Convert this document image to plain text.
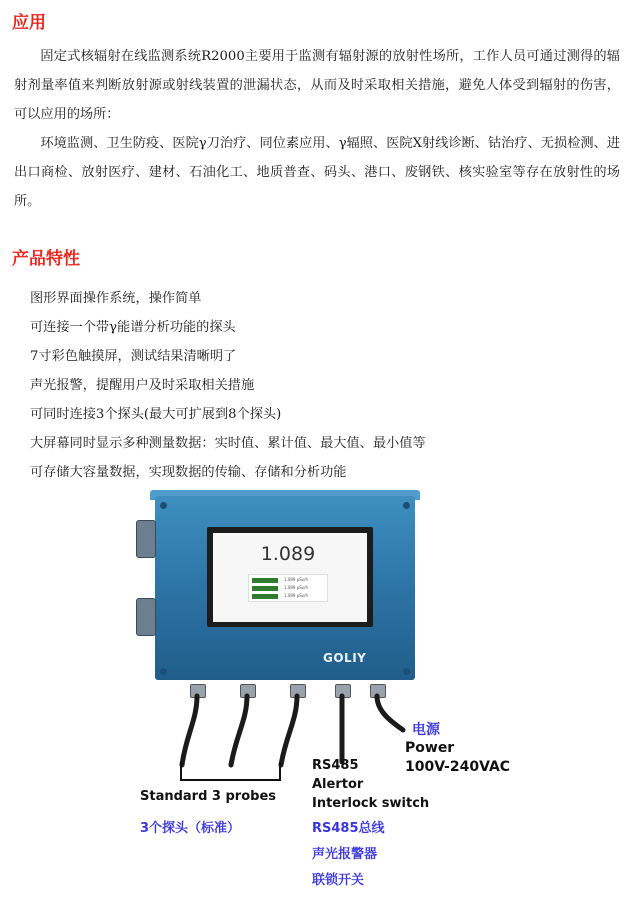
应用

固定式核辐射在线监测系统R2000主要用于监测有辐射源的放射性场所，工作人员可通过测得的辐射剂量率值来判断放射源或射线装置的泄漏状态，从而及时采取相关措施，避免人体受到辐射的伤害，可以应用的场所：

环境监测、卫生防疫、医院γ刀治疗、同位素应用、γ辐照、医院X射线诊断、钴治疗、无损检测、进出口商检、放射医疗、建材、石油化工、地质普查、码头、港口、废钢铁、核实验室等存在放射性的场所。

产品特性
图形界面操作系统，操作简单
可连接一个带γ能谱分析功能的探头
7寸彩色触摸屏，测试结果清晰明了
声光报警，提醒用户及时采取相关措施
可同时连接3个探头(最大可扩展到8个探头)
大屏幕同时显示多种测量数据：实时值、累计值、最大值、最小值等
可存储大容量数据，实现数据的传输、存储和分析功能
1.089
1.089 μSv/h
1.089 μSv/h
1.089 μSv/h
GOLIY
电源
Power
100V-240VAC
RS485
Alertor
Interlock switch
Standard 3 probes
3个探头（标准）	RS485总线
声光报警器
联锁开关
